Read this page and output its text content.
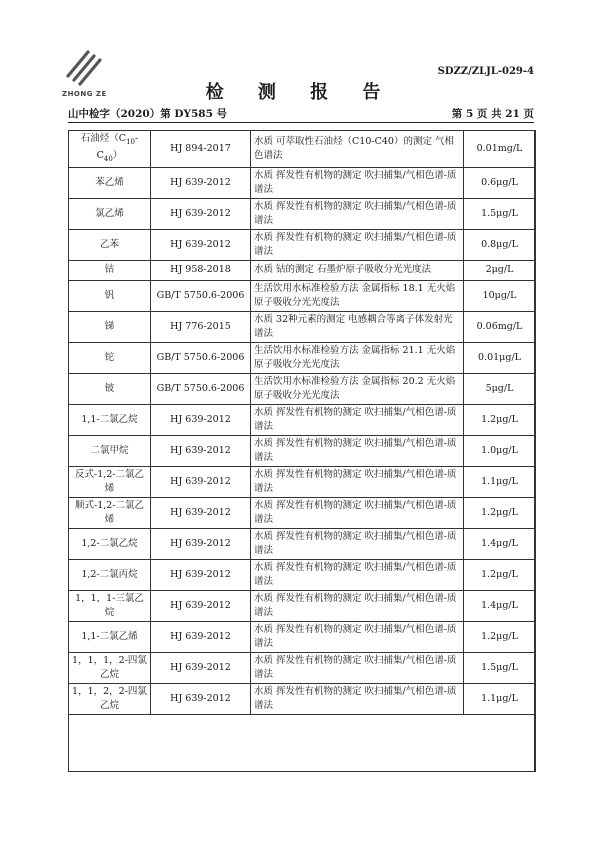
ZHONG ZE
SDZZ/ZLJL-029-4
检 测 报 告
山中检字（2020）第 DY585 号	第 5 页 共 21 页
石油烃$(C_{10}-C_{40})$	HJ 894-2017	水质 可萃取性石油烃（C10-C40）的测定 气相色谱法	0.01mg/L
苯乙烯	HJ 639-2012	水质 挥发性有机物的测定 吹扫捕集/气相色谱-质谱法	0.6μg/L
氯乙烯	HJ 639-2012	水质 挥发性有机物的测定 吹扫捕集/气相色谱-质谱法	1.5μg/L
乙苯	HJ 639-2012	水质 挥发性有机物的测定 吹扫捕集/气相色谱-质谱法	0.8μg/L
钴	HJ 958-2018	水质 钴的测定 石墨炉原子吸收分光光度法	2μg/L
钒	GB/T 5750.6-2006	生活饮用水标准检验方法 金属指标 18.1 无火焰原子吸收分光光度法	10μg/L
锑	HJ 776-2015	水质 32种元素的测定 电感耦合等离子体发射光谱法	0.06mg/L
铊	GB/T 5750.6-2006	生活饮用水标准检验方法 金属指标 21.1 无火焰原子吸收分光光度法	0.01μg/L
铍	GB/T 5750.6-2006	生活饮用水标准检验方法 金属指标 20.2 无火焰原子吸收分光光度法	5μg/L
1,1-二氯乙烷	HJ 639-2012	水质 挥发性有机物的测定 吹扫捕集/气相色谱-质谱法	1.2μg/L
二氯甲烷	HJ 639-2012	水质 挥发性有机物的测定 吹扫捕集/气相色谱-质谱法	1.0μg/L
反式-1,2-二氯乙烯	HJ 639-2012	水质 挥发性有机物的测定 吹扫捕集/气相色谱-质谱法	1.1μg/L
顺式-1,2-二氯乙烯	HJ 639-2012	水质 挥发性有机物的测定 吹扫捕集/气相色谱-质谱法	1.2μg/L
1,2-二氯乙烷	HJ 639-2012	水质 挥发性有机物的测定 吹扫捕集/气相色谱-质谱法	1.4μg/L
1,2-二氯丙烷	HJ 639-2012	水质 挥发性有机物的测定 吹扫捕集/气相色谱-质谱法	1.2μg/L
1，1，1-三氯乙烷	HJ 639-2012	水质 挥发性有机物的测定 吹扫捕集/气相色谱-质谱法	1.4μg/L
1,1-二氯乙烯	HJ 639-2012	水质 挥发性有机物的测定 吹扫捕集/气相色谱-质谱法	1.2μg/L
1，1，1，2-四氯乙烷	HJ 639-2012	水质 挥发性有机物的测定 吹扫捕集/气相色谱-质谱法	1.5μg/L
1，1，2，2-四氯乙烷	HJ 639-2012	水质 挥发性有机物的测定 吹扫捕集/气相色谱-质谱法	1.1μg/L
